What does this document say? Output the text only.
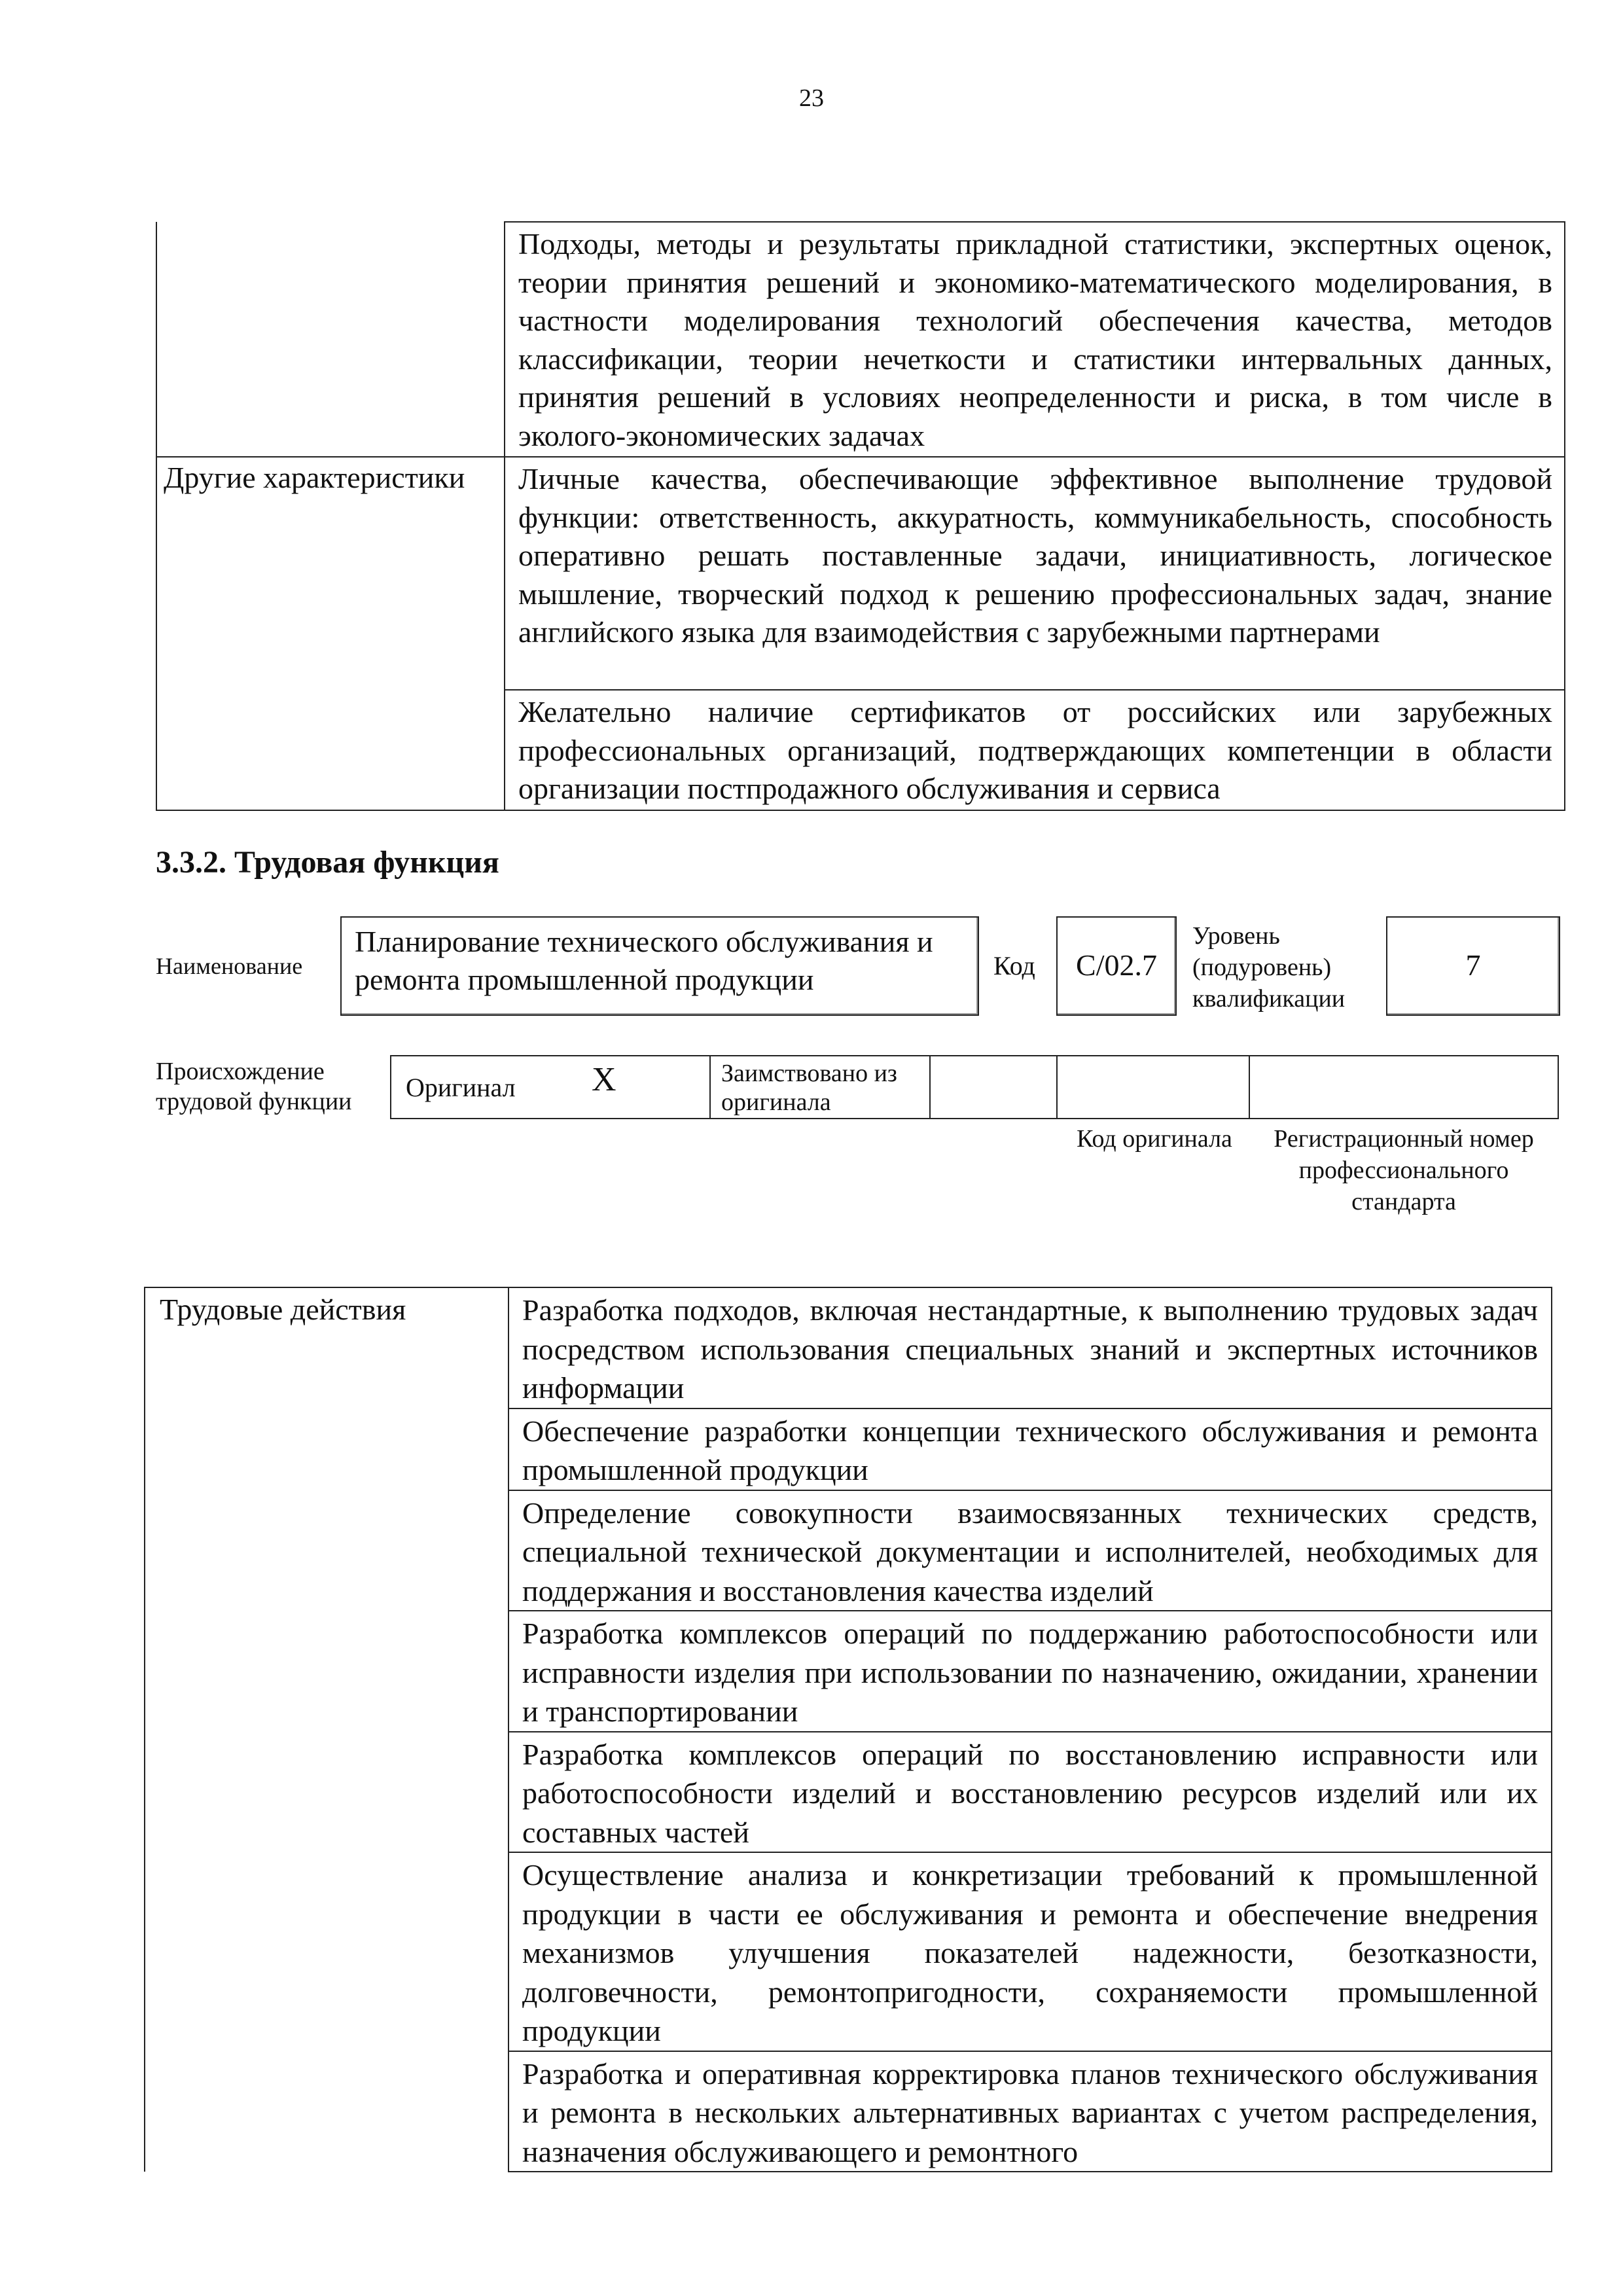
23
	Подходы, методы и результаты прикладной статистики, экспертных оценок, теории принятия решений и экономико-математического моделирования, в частности моделирования технологий обеспечения качества, методов классификации, теории нечеткости и статистики интервальных данных, принятия решений в условиях неопределенности и риска, в том числе в эколого-экономических задачах
Другие характеристики	Личные качества, обеспечивающие эффективное выполнение трудовой функции: ответственность, аккуратность, коммуникабельность, способность оперативно решать поставленные задачи, инициативность, логическое мышление, творческий подход к решению профессиональных задач, знание английского языка для взаимодействия с зарубежными партнерами
	Желательно наличие сертификатов от российских или зарубежных профессиональных организаций, подтверждающих компетенции в области организации постпродажного обслуживания и сервиса
3.3.2. Трудовая функция
Наименование
Планирование технического обслуживания и ремонта промышленной продукции	Код	C/02.7
Уровень (подуровень) квалификации
7
Происхождение трудовой функции	Оригинал X	Заимствовано из оригинала
Код оригинала	Регистрационный номер профессионального стандарта
Трудовые действия	Разработка подходов, включая нестандартные, к выполнению трудовых задач посредством использования специальных знаний и экспертных источников информации
Обеспечение разработки концепции технического обслуживания и ремонта промышленной продукции
Определение совокупности взаимосвязанных технических средств, специальной технической документации и исполнителей, необходимых для поддержания и восстановления качества изделий
Разработка комплексов операций по поддержанию работоспособности или исправности изделия при использовании по назначению, ожидании, хранении и транспортировании
Разработка комплексов операций по восстановлению исправности или работоспособности изделий и восстановлению ресурсов изделий или их составных частей
Осуществление анализа и конкретизации требований к промышленной продукции в части ее обслуживания и ремонта и обеспечение внедрения механизмов улучшения показателей надежности, безотказности, долговечности, ремонтопригодности, сохраняемости промышленной продукции
Разработка и оперативная корректировка планов технического обслуживания и ремонта в нескольких альтернативных вариантах с учетом распределения, назначения обслуживающего и ремонтного
